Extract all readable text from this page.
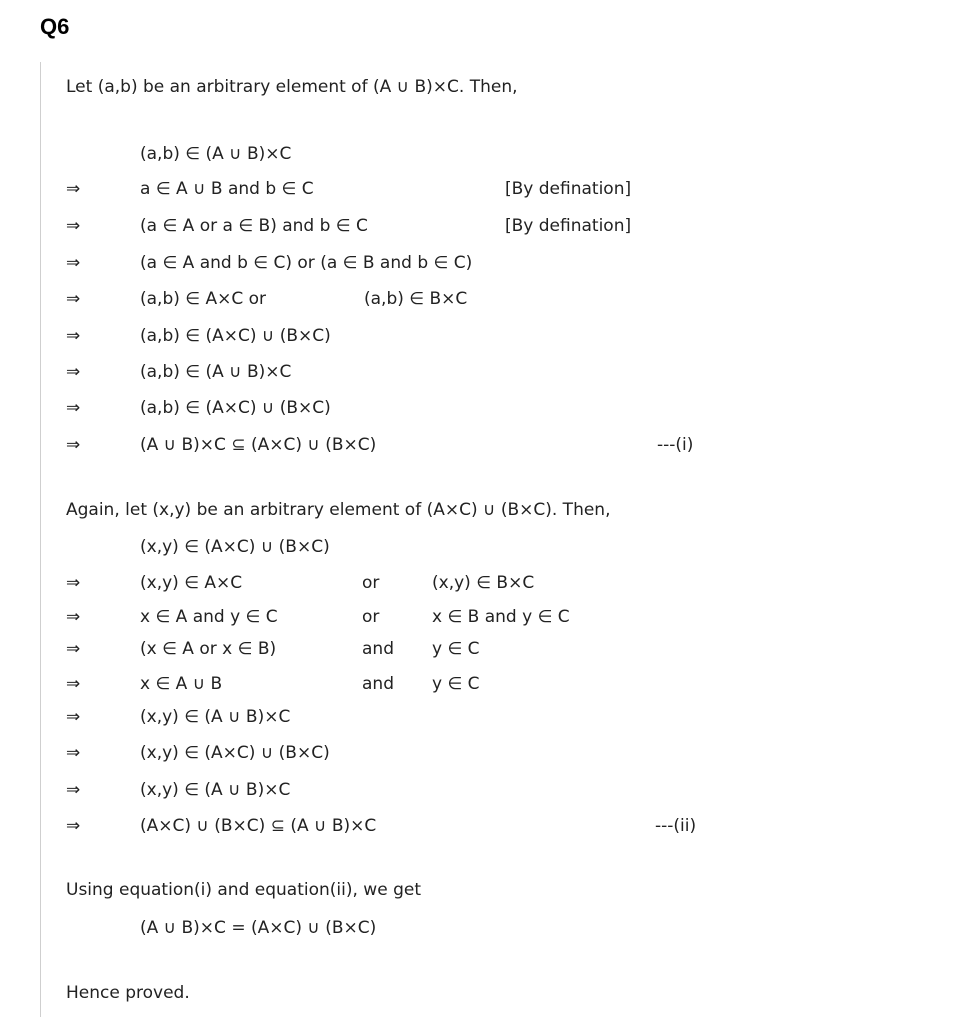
Q6
Let (a,b) be an arbitrary element of (A ∪ B)×C. Then,
(a,b) ∈ (A ∪ B)×C
⇒	a ∈ A ∪ B and b ∈ C	[By defination]
⇒	(a ∈ A or a ∈ B) and b ∈ C	[By defination]
⇒	(a ∈ A and b ∈ C) or (a ∈ B and b ∈ C)
⇒	(a,b) ∈ A×C or	(a,b) ∈ B×C
⇒	(a,b) ∈ (A×C) ∪ (B×C)
⇒	(a,b) ∈ (A ∪ B)×C
⇒	(a,b) ∈ (A×C) ∪ (B×C)
⇒	(A ∪ B)×C ⊆ (A×C) ∪ (B×C)	---(i)
Again, let (x,y) be an arbitrary element of (A×C) ∪ (B×C). Then,
(x,y) ∈ (A×C) ∪ (B×C)
⇒	(x,y) ∈ A×C	or	(x,y) ∈ B×C
⇒	x ∈ A and y ∈ C	or	x ∈ B and y ∈ C
⇒	(x ∈ A or x ∈ B)	and y ∈ C
⇒	x ∈ A ∪ B	and y ∈ C
⇒	(x,y) ∈ (A ∪ B)×C
⇒	(x,y) ∈ (A×C) ∪ (B×C)
⇒	(x,y) ∈ (A ∪ B)×C
⇒	(A×C) ∪ (B×C) ⊆ (A ∪ B)×C	---(ii)
Using equation(i) and equation(ii), we get
(A ∪ B)×C = (A×C) ∪ (B×C)
Hence proved.
